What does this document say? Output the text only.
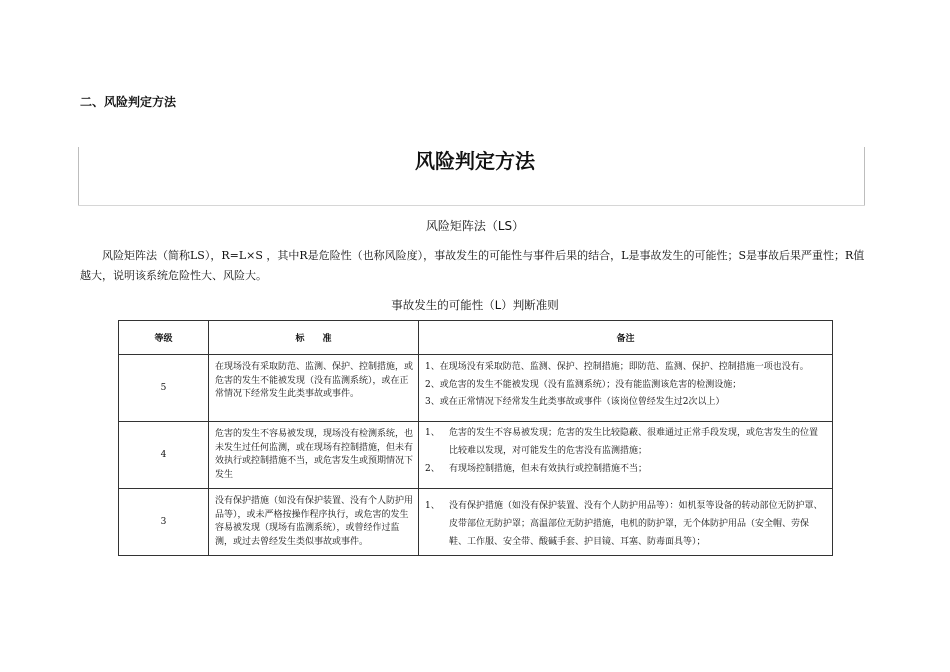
二、风险判定方法
风险判定方法
风险矩阵法（LS）
风险矩阵法（简称LS），R=L×S ，其中R是危险性（也称风险度），事故发生的可能性与事件后果的结合，L是事故发生的可能性；S是事故后果严重性；R值越大，说明该系统危险性大、风险大。
事故发生的可能性（L）判断准则
等级	标　　准	备注
5	在现场没有采取防范、监测、保护、控制措施，或危害的发生不能被发现（没有监测系统），或在正常情况下经常发生此类事故或事件。	1、在现场没有采取防范、监测、保护、控制措施；即防范、监测、保护、控制措施一项也没有。

2、或危害的发生不能被发现（没有监测系统）；没有能监测该危害的检测设施；

3、或在正常情况下经常发生此类事故或事件（该岗位曾经发生过2次以上）

4	危害的发生不容易被发现，现场没有检测系统，也未发生过任何监测，或在现场有控制措施，但未有效执行或控制措施不当，或危害发生或预期情况下发生	1、 危害的发生不容易被发现；危害的发生比较隐蔽、很难通过正常手段发现，或危害发生的位置比较难以发现，对可能发生的危害没有监测措施；

2、 有现场控制措施，但未有效执行或控制措施不当；

3	没有保护措施（如没有保护装置、没有个人防护用品等），或未严格按操作程序执行，或危害的发生容易被发现（现场有监测系统），或曾经作过监测，或过去曾经发生类似事故或事件。	1、 没有保护措施（如没有保护装置、没有个人防护用品等）：如机泵等设备的转动部位无防护罩、皮带部位无防护罩；高温部位无防护措施，电机的防护罩，无个体防护用品（安全帽、劳保鞋、工作服、安全带、酸碱手套、护目镜、耳塞、防毒面具等）；
